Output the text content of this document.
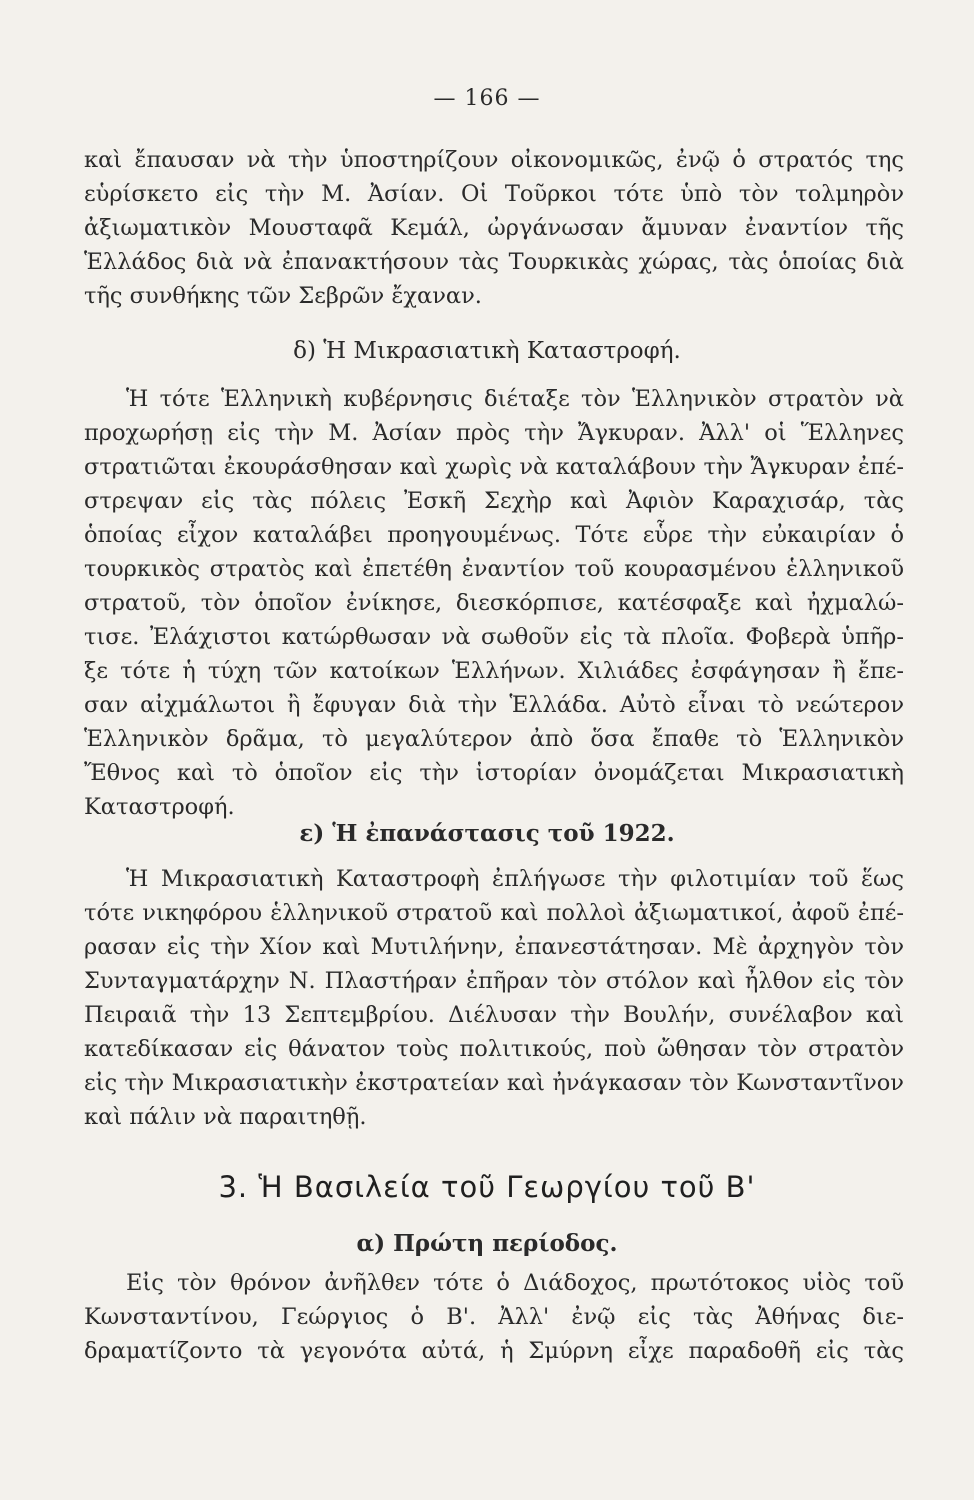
— 166 —
καὶ ἔπαυσαν νὰ τὴν ὑποστηρίζουν οἰκονομικῶς, ἐνῷ ὁ στρατός της
εὑρίσκετο εἰς τὴν Μ. Ἀσίαν. Οἱ Τοῦρκοι τότε ὑπὸ τὸν τολμηρὸν
ἀξιωματικὸν Μουσταφᾶ Κεμάλ, ὠργάνωσαν ἄμυναν ἐναντίον τῆς
Ἑλλάδος διὰ νὰ ἐπανακτήσουν τὰς Τουρκικὰς χώρας, τὰς ὁποίας διὰ
τῆς συνθήκης τῶν Σεβρῶν ἔχαναν.
δ) Ἡ Μικρασιατικὴ Καταστροφή.
Ἡ τότε Ἑλληνικὴ κυβέρνησις διέταξε τὸν Ἑλληνικὸν στρατὸν νὰ
προχωρήσῃ εἰς τὴν Μ. Ἀσίαν πρὸς τὴν Ἄγκυραν. Ἀλλ' οἱ Ἕλληνες
στρατιῶται ἐκουράσθησαν καὶ χωρὶς νὰ καταλάβουν τὴν Ἄγκυραν ἐπέ-
στρεψαν εἰς τὰς πόλεις Ἐσκῆ Σεχὴρ καὶ Ἀφιὸν Καραχισάρ, τὰς
ὁποίας εἶχον καταλάβει προηγουμένως. Τότε εὗρε τὴν εὐκαιρίαν ὁ
τουρκικὸς στρατὸς καὶ ἐπετέθη ἐναντίον τοῦ κουρασμένου ἑλληνικοῦ
στρατοῦ, τὸν ὁποῖον ἐνίκησε, διεσκόρπισε, κατέσφαξε καὶ ἠχμαλώ-
τισε. Ἐλάχιστοι κατώρθωσαν νὰ σωθοῦν εἰς τὰ πλοῖα. Φοβερὰ ὑπῆρ-
ξε τότε ἡ τύχη τῶν κατοίκων Ἑλλήνων. Χιλιάδες ἐσφάγησαν ἢ ἔπε-
σαν αἰχμάλωτοι ἢ ἔφυγαν διὰ τὴν Ἑλλάδα. Αὐτὸ εἶναι τὸ νεώτερον
Ἑλληνικὸν δρᾶμα, τὸ μεγαλύτερον ἀπὸ ὅσα ἔπαθε τὸ Ἑλληνικὸν
Ἔθνος καὶ τὸ ὁποῖον εἰς τὴν ἱστορίαν ὀνομάζεται Μικρασιατικὴ
Καταστροφή.
ε) Ἡ ἐπανάστασις τοῦ 1922.
Ἡ Μικρασιατικὴ Καταστροφὴ ἐπλήγωσε τὴν φιλοτιμίαν τοῦ ἕως
τότε νικηφόρου ἑλληνικοῦ στρατοῦ καὶ πολλοὶ ἀξιωματικοί, ἀφοῦ ἐπέ-
ρασαν εἰς τὴν Χίον καὶ Μυτιλήνην, ἐπανεστάτησαν. Μὲ ἀρχηγὸν τὸν
Συνταγματάρχην Ν. Πλαστήραν ἐπῆραν τὸν στόλον καὶ ἦλθον εἰς τὸν
Πειραιᾶ τὴν 13 Σεπτεμβρίου. Διέλυσαν τὴν Βουλήν, συνέλαβον καὶ
κατεδίκασαν εἰς θάνατον τοὺς πολιτικούς, ποὺ ὤθησαν τὸν στρατὸν
εἰς τὴν Μικρασιατικὴν ἐκστρατείαν καὶ ἠνάγκασαν τὸν Κωνσταντῖνον
καὶ πάλιν νὰ παραιτηθῇ.
3. Ἡ Βασιλεία τοῦ Γεωργίου τοῦ Β'
α) Πρώτη περίοδος.
Εἰς τὸν θρόνον ἀνῆλθεν τότε ὁ Διάδοχος, πρωτότοκος υἱὸς τοῦ
Κωνσταντίνου, Γεώργιος ὁ Β'. Ἀλλ' ἐνῷ εἰς τὰς Ἀθήνας διε-
δραματίζοντο τὰ γεγονότα αὐτά, ἡ Σμύρνη εἶχε παραδοθῆ εἰς τὰς
